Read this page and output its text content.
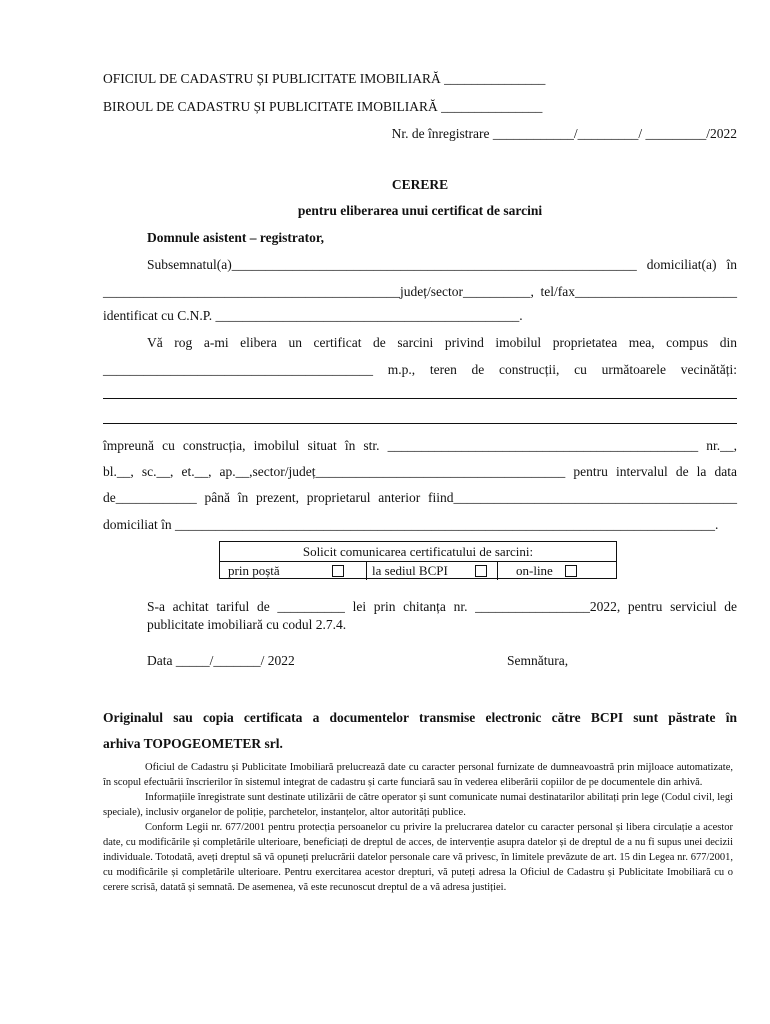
OFICIUL DE CADASTRU ȘI PUBLICITATE IMOBILIARĂ _______________
BIROUL DE CADASTRU ȘI PUBLICITATE IMOBILIARĂ _______________
Nr. de înregistrare ____________/_________/ _________/2022
CERERE
pentru eliberarea unui certificat de sarcini
Domnule asistent – registrator,
Subsemnatul(a)____________________________________________________________ domiciliat(a) în
____________________________________________județ/sector__________, tel/fax________________________
identificat cu C.N.P. _____________________________________________.
Vă rog a-mi elibera un certificat de sarcini privind imobilul proprietatea mea, compus din
________________________________________ m.p., teren de construcții, cu următoarele vecinătăți:
împreună cu construcția, imobilul situat în str. ______________________________________________ nr.__,
bl.__, sc.__, et.__, ap.__,sector/județ_____________________________________ pentru intervalul de la data
de____________ până în prezent, proprietarul anterior fiind__________________________________________
domiciliat în ________________________________________________________________________________.
Solicit comunicarea certificatului de sarcini:
prin poștă	la sediul BCPI	on-line
S-a achitat tariful de __________ lei prin chitanța nr. _________________2022, pentru serviciul de
publicitate imobiliară cu codul 2.7.4.
Data _____/_______/ 2022	Semnătura,
Originalul sau copia certificata a documentelor transmise electronic către BCPI sunt păstrate în
arhiva TOPOGEOMETER srl.

Oficiul de Cadastru și Publicitate Imobiliară prelucrează date cu caracter personal furnizate de dumneavoastră prin mijloace automatizate, în scopul efectuării înscrierilor în sistemul integrat de cadastru și carte funciară sau în vederea eliberării copiilor de pe documentele din arhivă.

Informațiile înregistrate sunt destinate utilizării de către operator și sunt comunicate numai destinatarilor abilitați prin lege (Codul civil, legi speciale), inclusiv organelor de poliție, parchetelor, instanțelor, altor autorități publice.

Conform Legii nr. 677/2001 pentru protecția persoanelor cu privire la prelucrarea datelor cu caracter personal și libera circulație a acestor date, cu modificările și completările ulterioare, beneficiați de dreptul de acces, de intervenție asupra datelor și de dreptul de a nu fi supus unei decizii individuale. Totodată, aveți dreptul să vă opuneți prelucrării datelor personale care vă privesc, în limitele prevăzute de art. 15 din Legea nr. 677/2001, cu modificările și completările ulterioare. Pentru exercitarea acestor drepturi, vă puteți adresa la Oficiul de Cadastru și Publicitate Imobiliară cu o cerere scrisă, datată și semnată. De asemenea, vă este recunoscut dreptul de a vă adresa justiției.
